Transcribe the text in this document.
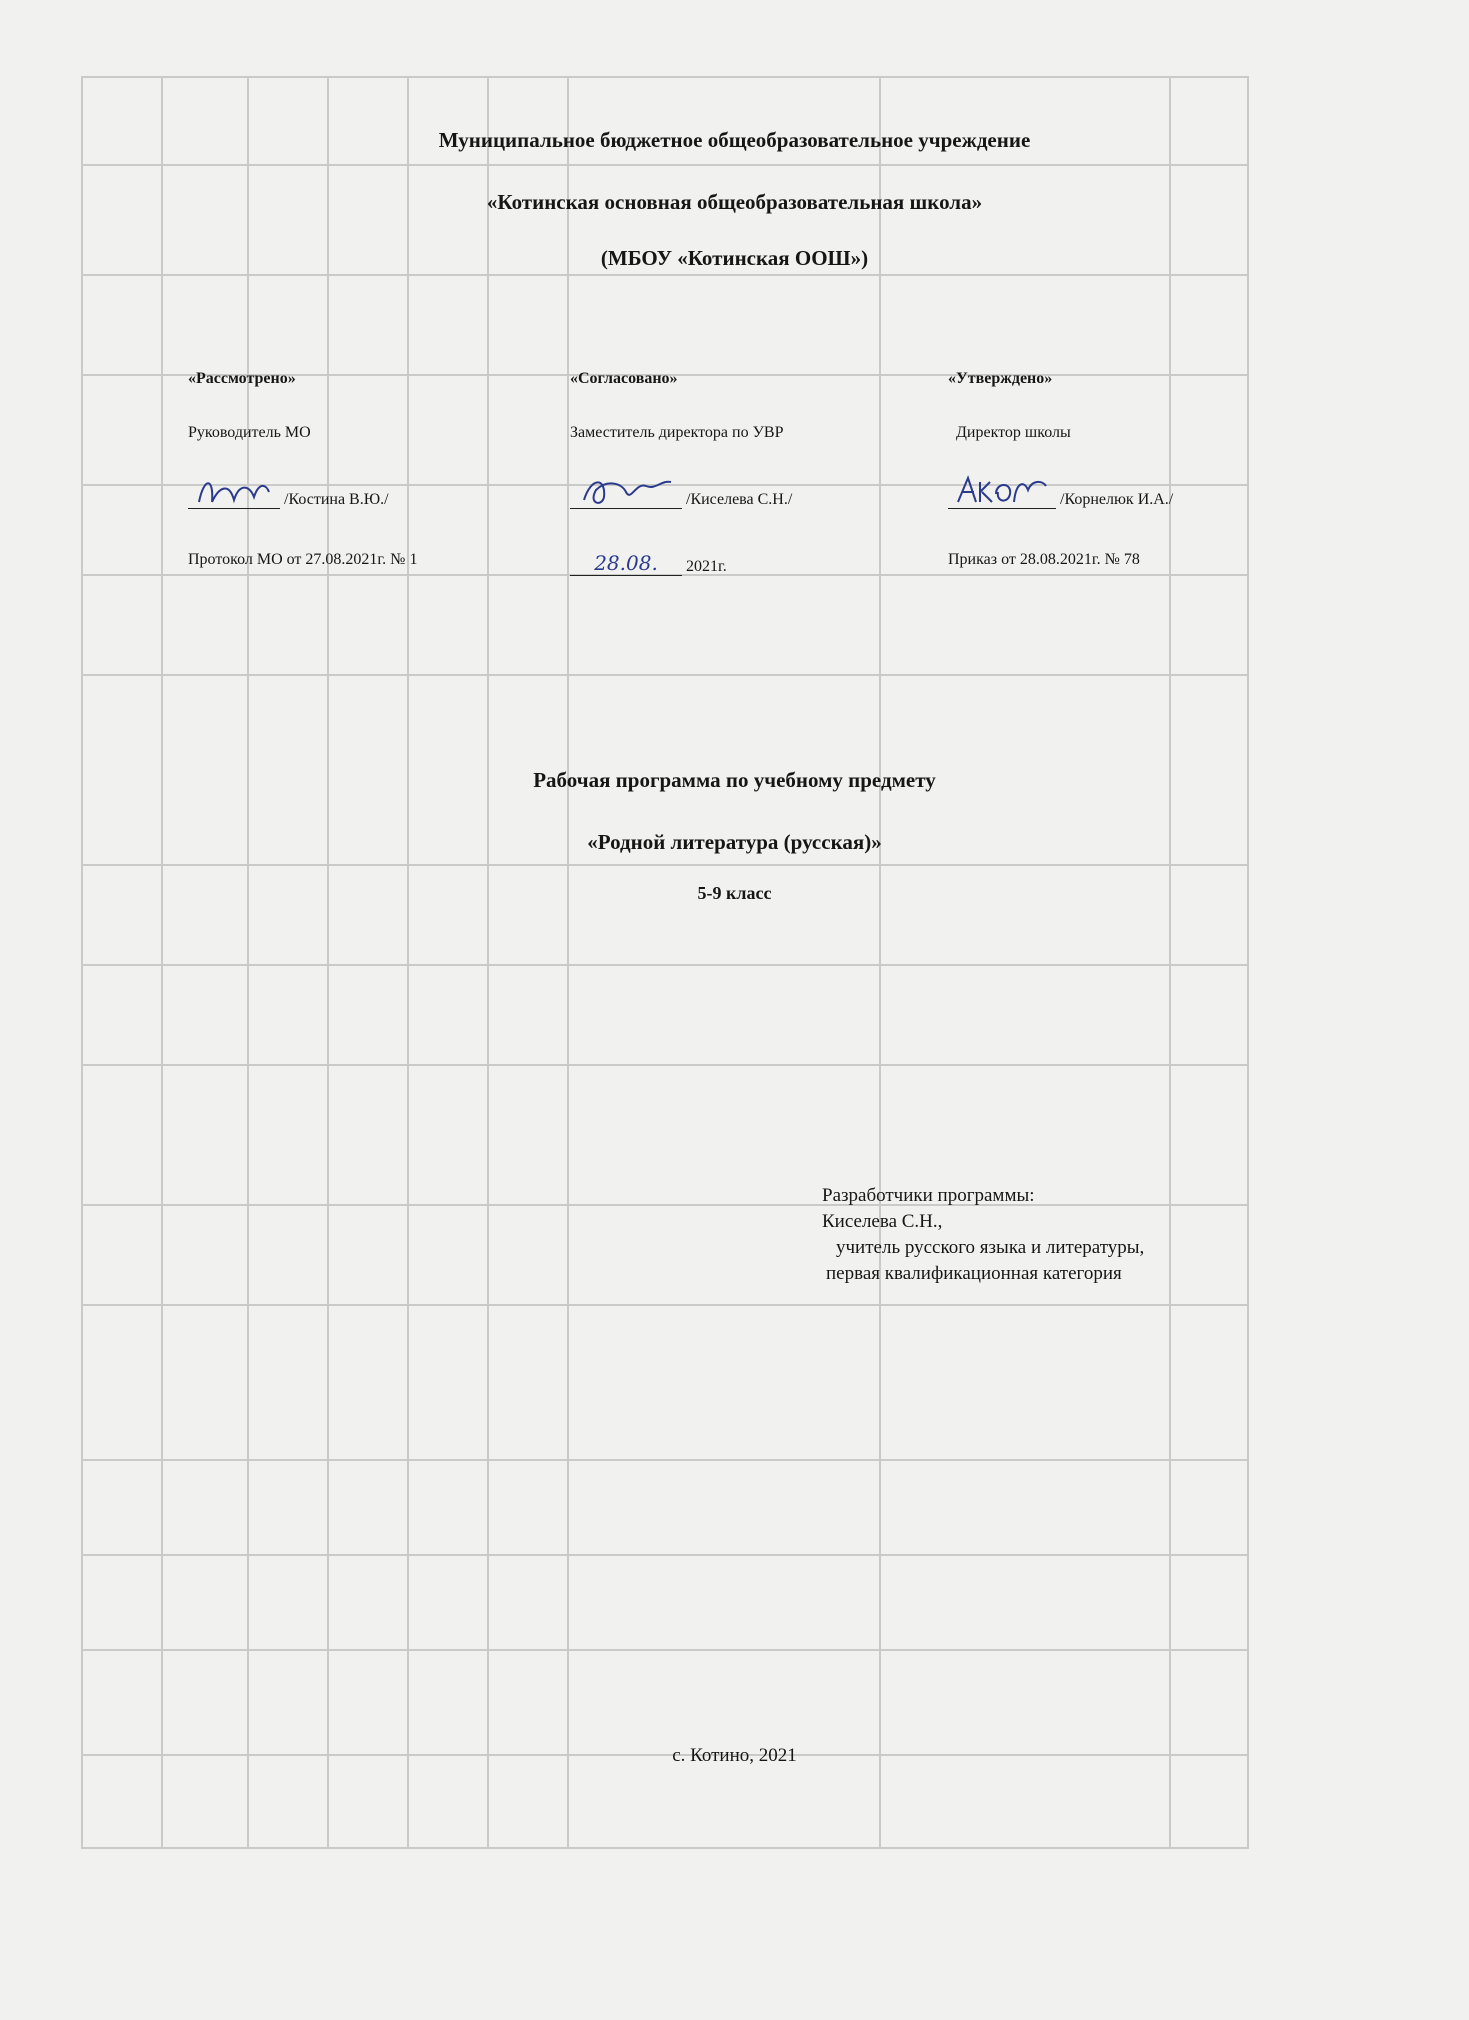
Муниципальное бюджетное общеобразовательное учреждение
«Котинская основная общеобразовательная школа»
(МБОУ «Котинская ООШ»)
«Рассмотрено»
Руководитель МО
/Костина В.Ю./
Протокол МО от 27.08.2021г. № 1
«Согласовано»
Заместитель директора по УВР
/Киселева С.Н./
28.08. 2021г.
«Утверждено»
Директор школы
/Корнелюк И.А./
Приказ от 28.08.2021г. № 78
Рабочая программа по учебному предмету
«Родной литература (русская)»
5-9 класс
Разработчики программы:
Киселева С.Н.,
учитель русского языка и литературы,
первая квалификационная категория
с. Котино, 2021
